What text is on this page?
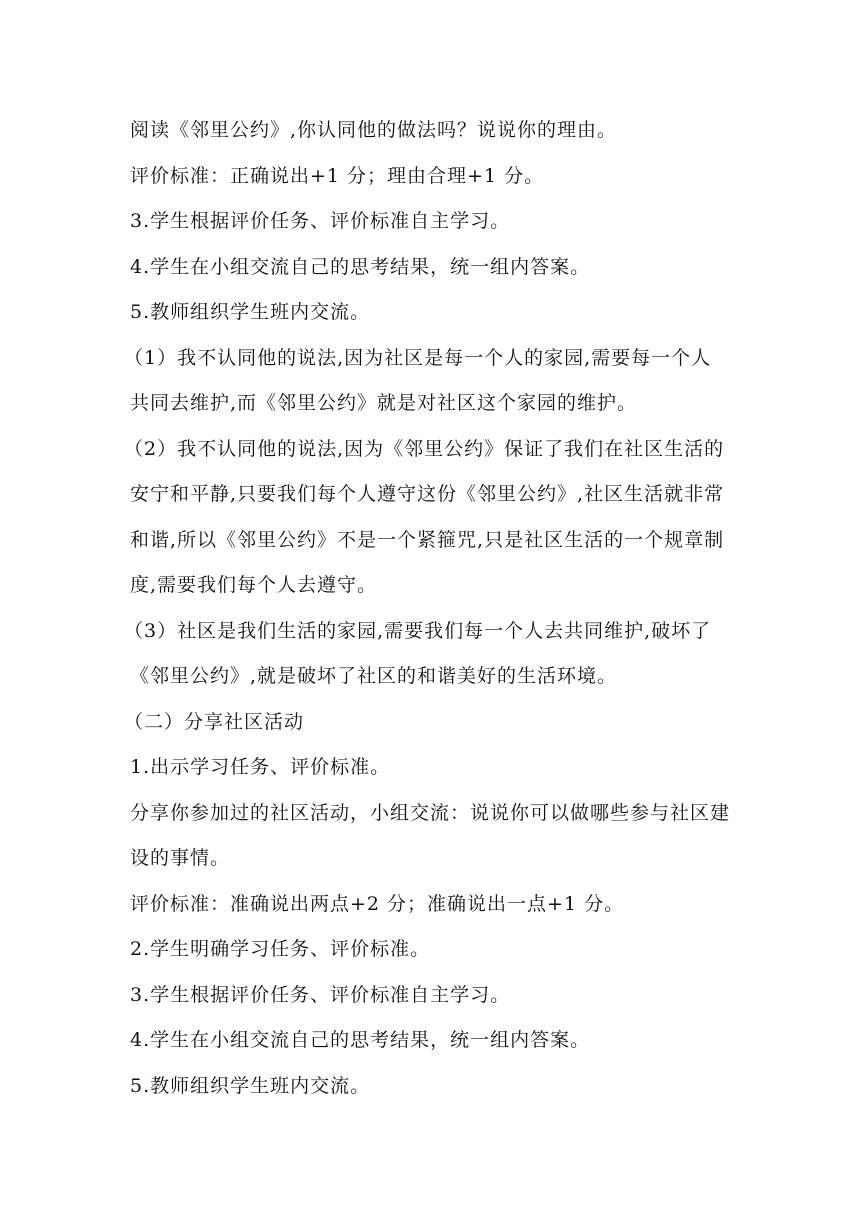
阅读《邻里公约》,你认同他的做法吗？说说你的理由。

评价标准：正确说出+1 分；理由合理+1 分。

3.学生根据评价任务、评价标准自主学习。

4.学生在小组交流自己的思考结果，统一组内答案。

5.教师组织学生班内交流。

（1）我不认同他的说法,因为社区是每一个人的家园,需要每一个人共同去维护,而《邻里公约》就是对社区这个家园的维护。

（2）我不认同他的说法,因为《邻里公约》保证了我们在社区生活的安宁和平静,只要我们每个人遵守这份《邻里公约》,社区生活就非常和谐,所以《邻里公约》不是一个紧箍咒,只是社区生活的一个规章制度,需要我们每个人去遵守。

（3）社区是我们生活的家园,需要我们每一个人去共同维护,破坏了《邻里公约》,就是破坏了社区的和谐美好的生活环境。

（二）分享社区活动

1.出示学习任务、评价标准。

分享你参加过的社区活动，小组交流：说说你可以做哪些参与社区建设的事情。

评价标准：准确说出两点+2 分；准确说出一点+1 分。

2.学生明确学习任务、评价标准。

3.学生根据评价任务、评价标准自主学习。

4.学生在小组交流自己的思考结果，统一组内答案。

5.教师组织学生班内交流。
